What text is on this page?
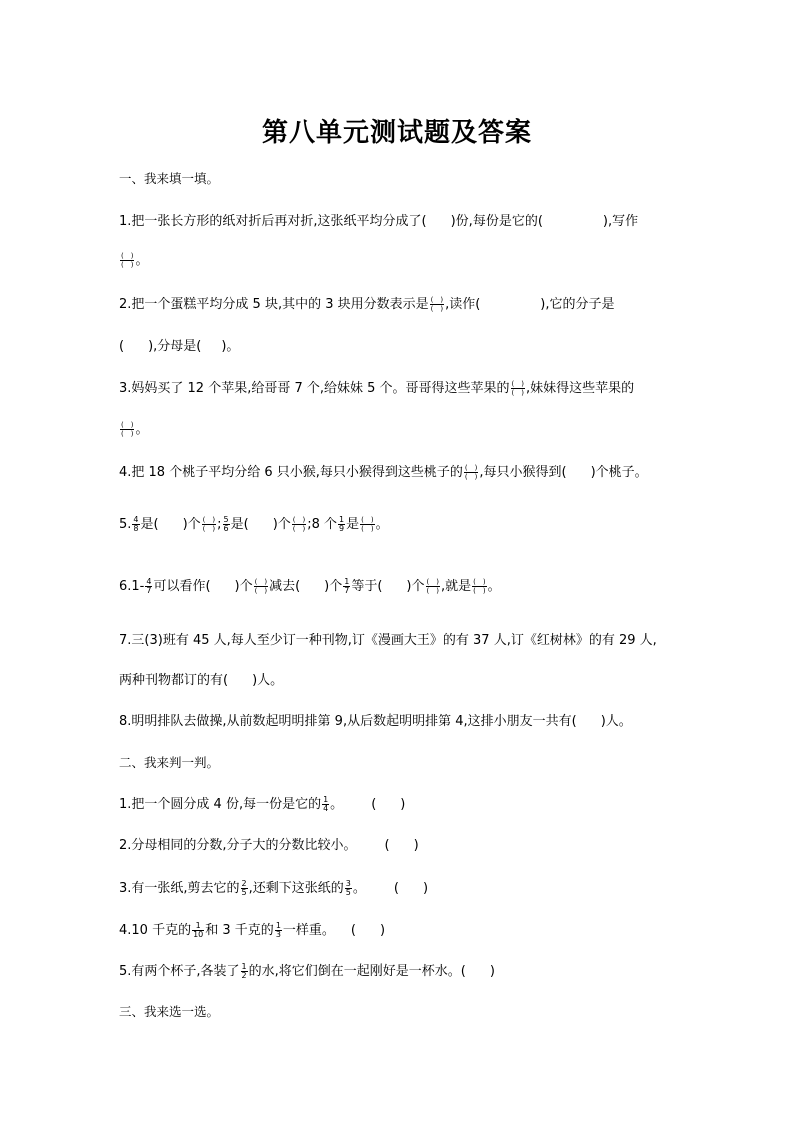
第八单元测试题及答案
一、我来填一填。
1.把一张长方形的纸对折后再对折,这张纸平均分成了( )份,每份是它的(	),写作
$\frac{( )}{( )}$ 。
2.把一个蛋糕平均分成 5 块,其中的 3 块用分数表示是 $\frac{( )}{( )}$ ,读作(	),它的分子是
( ),分母是( )。
3.妈妈买了 12 个苹果,给哥哥 7 个,给妹妹 5 个。哥哥得这些苹果的 $\frac{( )}{( )}$ ,妹妹得这些苹果的
$\frac{( )}{( )}$ 。
4.把 18 个桃子平均分给 6 只小猴,每只小猴得到这些桃子的 $\frac{( )}{( )}$ ,每只小猴得到( )个桃子。
5. $\frac{4}{8}$ 是( )个 $\frac{( )}{( )}$ ; $\frac{5}{6}$ 是( )个 $\frac{( )}{( )}$ ;8 个 $\frac{1}{9}$ 是 $\frac{( )}{( )}$ 。
$6.1- \frac{4}{7}$ 可以看作( )个 $\frac{( )}{( )}$ 减去( )个 $\frac{1}{7}$ 等于( )个 $\frac{( )}{( )}$ ,就是 $\frac{( )}{( )}$ 。
7.三(3)班有 45 人,每人至少订一种刊物,订《漫画大王》的有 37 人,订《红树林》的有 29 人,
两种刊物都订的有( )人。
8.明明排队去做操,从前数起明明排第 9,从后数起明明排第 4,这排小朋友一共有( )人。
二、我来判一判。
1.把一个圆分成 4 份,每一份是它的 $\frac{1}{4}$ 。 ( )
2.分母相同的分数,分子大的分数比较小。 ( )
3.有一张纸,剪去它的 $\frac{2}{5}$ ,还剩下这张纸的 $\frac{3}{5}$ 。 ( )
4.10 千克的 $\frac{1}{10}$ 和 3 千克的 $\frac{1}{3}$ 一样重。 ( )
5.有两个杯子,各装了 $\frac{1}{2}$ 的水,将它们倒在一起刚好是一杯水。( )
三、我来选一选。
